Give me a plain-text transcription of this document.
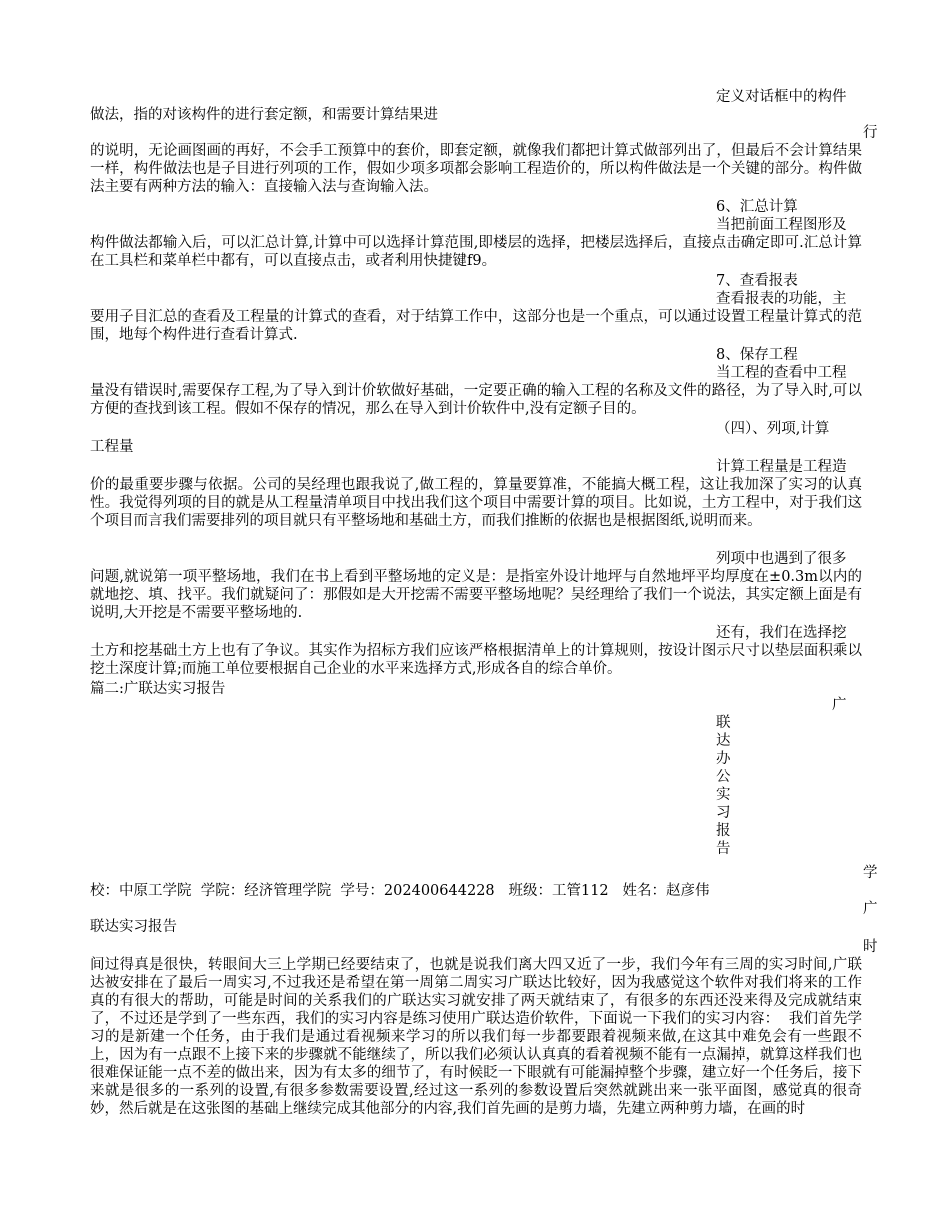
定义对话框中的构件
做法，指的对该构件的进行套定额，和需要计算结果进
行
的说明，无论画图画的再好，不会手工预算中的套价，即套定额，就像我们都把计算式做部列出了，但最后不会计算结果一样，构件做法也是子目进行列项的工作，假如少项多项都会影响工程造价的，所以构件做法是一个关键的部分。构件做法主要有两种方法的输入：直接输入法与查询输入法。
6、汇总计算
当把前面工程图形及
构件做法都输入后，可以汇总计算,计算中可以选择计算范围,即楼层的选择，把楼层选择后，直接点击确定即可.汇总计算在工具栏和菜单栏中都有，可以直接点击，或者利用快捷键f9。
7、查看报表
查看报表的功能，主
要用子目汇总的查看及工程量的计算式的查看，对于结算工作中，这部分也是一个重点，可以通过设置工程量计算式的范围，地每个构件进行查看计算式.
8、保存工程
当工程的查看中工程
量没有错误时,需要保存工程,为了导入到计价软做好基础，一定要正确的输入工程的名称及文件的路径，为了导入时,可以方便的查找到该工程。假如不保存的情况，那么在导入到计价软件中,没有定额子目的。
（四）、列项,计算
工程量
计算工程量是工程造
价的最重要步骤与依据。公司的吴经理也跟我说了,做工程的，算量要算准，不能搞大概工程，这让我加深了实习的认真性。我觉得列项的目的就是从工程量清单项目中找出我们这个项目中需要计算的项目。比如说，土方工程中，对于我们这个项目而言我们需要排列的项目就只有平整场地和基础土方，而我们推断的依据也是根据图纸,说明而来。
列项中也遇到了很多
问题,就说第一项平整场地，我们在书上看到平整场地的定义是：是指室外设计地坪与自然地坪平均厚度在±0.3m以内的就地挖、填、找平。我们就疑问了：那假如是大开挖需不需要平整场地呢？吴经理给了我们一个说法，其实定额上面是有说明,大开挖是不需要平整场地的.
还有，我们在选择挖
土方和挖基础土方上也有了争议。其实作为招标方我们应该严格根据清单上的计算规则，按设计图示尺寸以垫层面积乘以挖土深度计算;而施工单位要根据自己企业的水平来选择方式,形成各自的综合单价。
篇二:广联达实习报告
广
联
达
办
公
实
习
报
告
学
校：中原工学院  学院：经济管理学院  学号：202400644228   班级：工管112   姓名：赵彦伟
广
联达实习报告
时
间过得真是很快，转眼间大三上学期已经要结束了，也就是说我们离大四又近了一步，我们今年有三周的实习时间,广联达被安排在了最后一周实习,不过我还是希望在第一周第二周实习广联达比较好，因为我感觉这个软件对我们将来的工作真的有很大的帮助，可能是时间的关系我们的广联达实习就安排了两天就结束了，有很多的东西还没来得及完成就结束了，不过还是学到了一些东西，我们的实习内容是练习使用广联达造价软件，下面说一下我们的实习内容：  我们首先学习的是新建一个任务，由于我们是通过看视频来学习的所以我们每一步都要跟着视频来做,在这其中难免会有一些跟不上，因为有一点跟不上接下来的步骤就不能继续了，所以我们必须认认真真的看着视频不能有一点漏掉，就算这样我们也很难保证能一点不差的做出来，因为有太多的细节了，有时候眨一下眼就有可能漏掉整个步骤，建立好一个任务后，接下来就是很多的一系列的设置,有很多参数需要设置,经过这一系列的参数设置后突然就跳出来一张平面图，感觉真的很奇妙，然后就是在这张图的基础上继续完成其他部分的内容,我们首先画的是剪力墙，先建立两种剪力墙，在画的时
